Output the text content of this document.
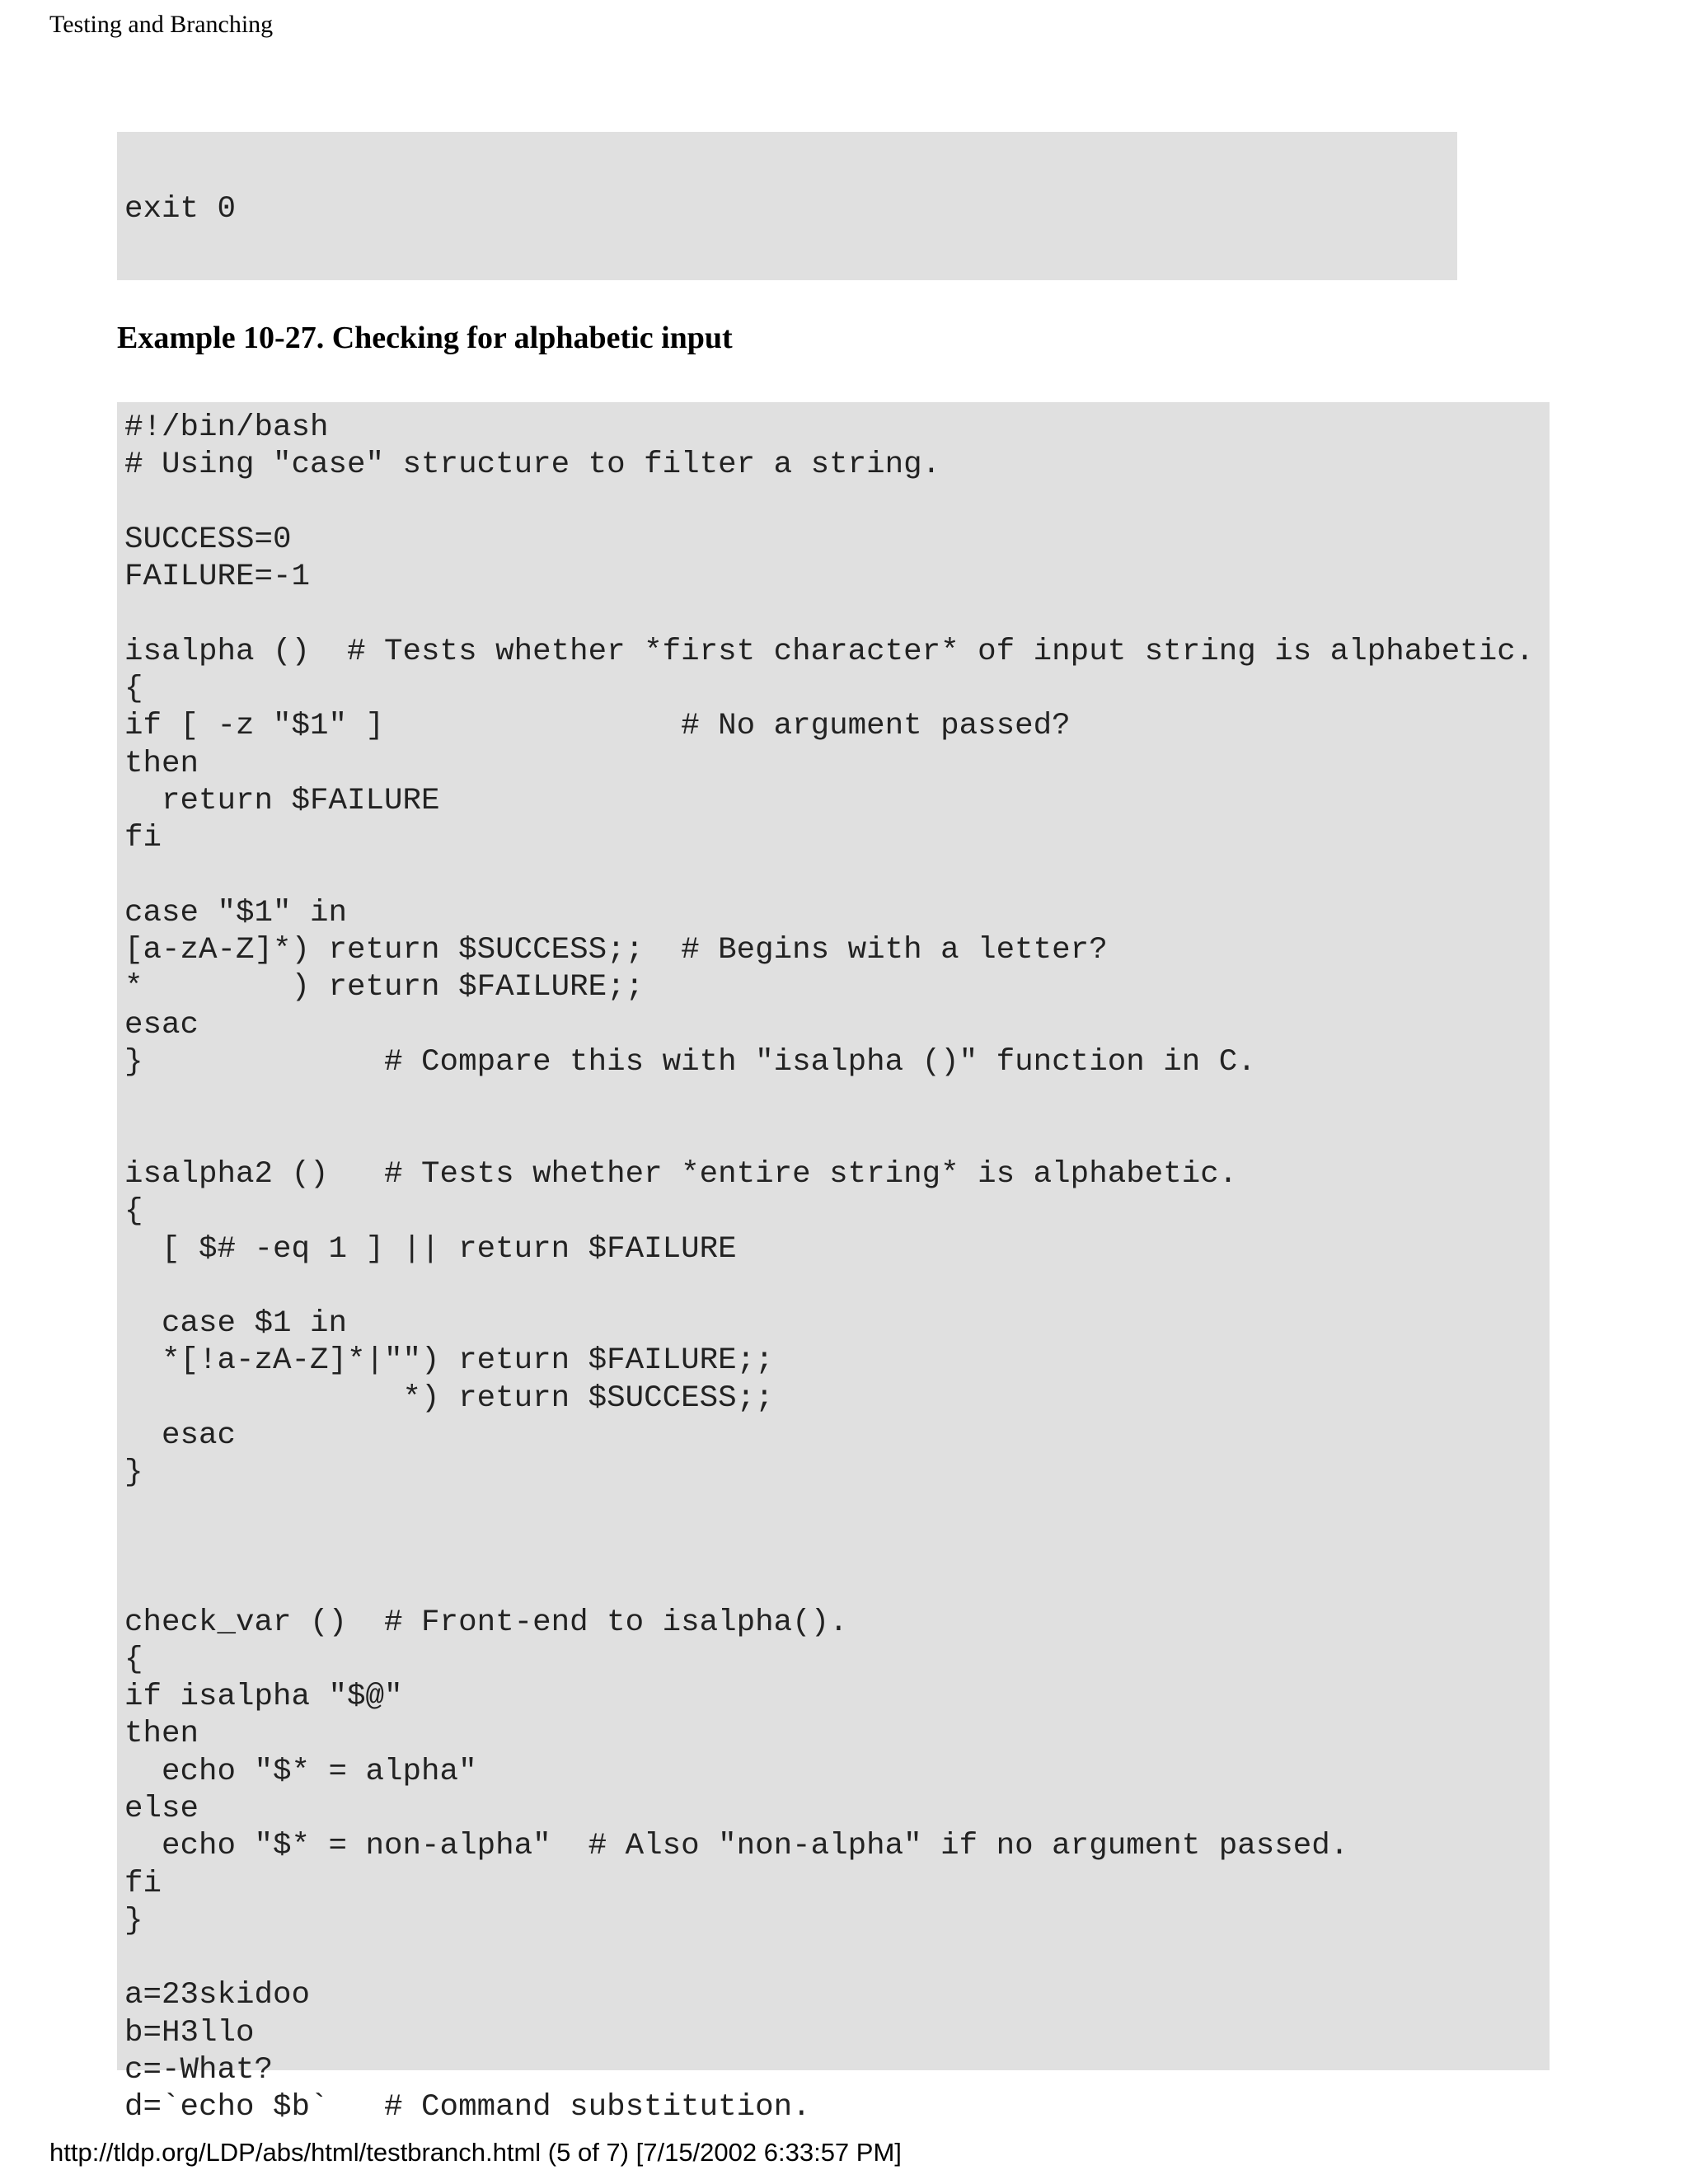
Testing and Branching
exit 0
Example 10-27. Checking for alphabetic input
#!/bin/bash
# Using "case" structure to filter a string.

SUCCESS=0
FAILURE=-1

isalpha ()  # Tests whether *first character* of input string is alphabetic.
{
if [ -z "$1" ]                # No argument passed?
then
return $FAILURE
fi

case "$1" in
[a-zA-Z]*) return $SUCCESS;;  # Begins with a letter?
*        ) return $FAILURE;;
esac
}             # Compare this with "isalpha ()" function in C.

isalpha2 ()   # Tests whether *entire string* is alphabetic.
{
[ $# -eq 1 ] || return $FAILURE

case $1 in
*[!a-zA-Z]*|"") return $FAILURE;;
*) return $SUCCESS;;
esac
}

check_var ()  # Front-end to isalpha().
{
if isalpha "$@"
then
echo "$* = alpha"
else
echo "$* = non-alpha"  # Also "non-alpha" if no argument passed.
fi
}

a=23skidoo
b=H3llo
c=-What?
d=`echo $b`   # Command substitution.
http://tldp.org/LDP/abs/html/testbranch.html (5 of 7) [7/15/2002 6:33:57 PM]
